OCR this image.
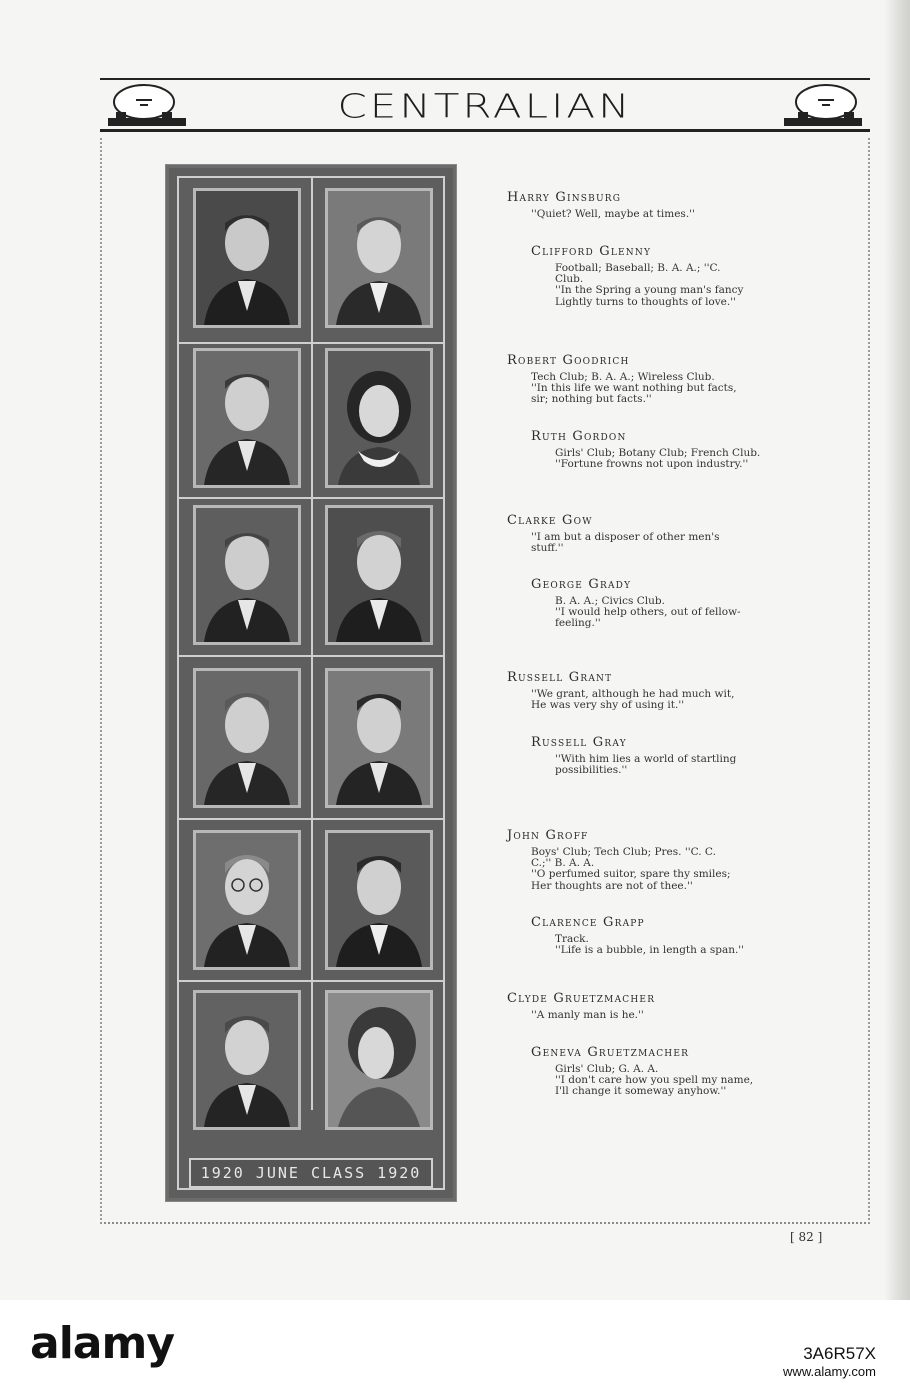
CENTRALIAN
1920 JUNE CLASS 1920
Harry Ginsburg
''Quiet? Well, maybe at times.''
Clifford Glenny
Football; Baseball; B. A. A.; ''C.
Club.
''In the Spring a young man's fancy
Lightly turns to thoughts of love.''
Robert Goodrich
Tech Club; B. A. A.; Wireless Club.
''In this life we want nothing but facts,
sir; nothing but facts.''
Ruth Gordon
Girls' Club; Botany Club; French Club.
''Fortune frowns not upon industry.''
Clarke Gow
''I am but a disposer of other men's
stuff.''
George Grady
B. A. A.; Civics Club.
''I would help others, out of fellow-
feeling.''
Russell Grant
''We grant, although he had much wit,
He was very shy of using it.''
Russell Gray
''With him lies a world of startling
possibilities.''
John Groff
Boys' Club; Tech Club; Pres. ''C. C.
C.;'' B. A. A.
''O perfumed suitor, spare thy smiles;
Her thoughts are not of thee.''
Clarence Grapp
Track.
''Life is a bubble, in length a span.''
Clyde Gruetzmacher
''A manly man is he.''
Geneva Gruetzmacher
Girls' Club; G. A. A.
''I don't care how you spell my name,
I'll change it someway anyhow.''
[ 82 ]
alamy	3A6R57X
www.alamy.com
